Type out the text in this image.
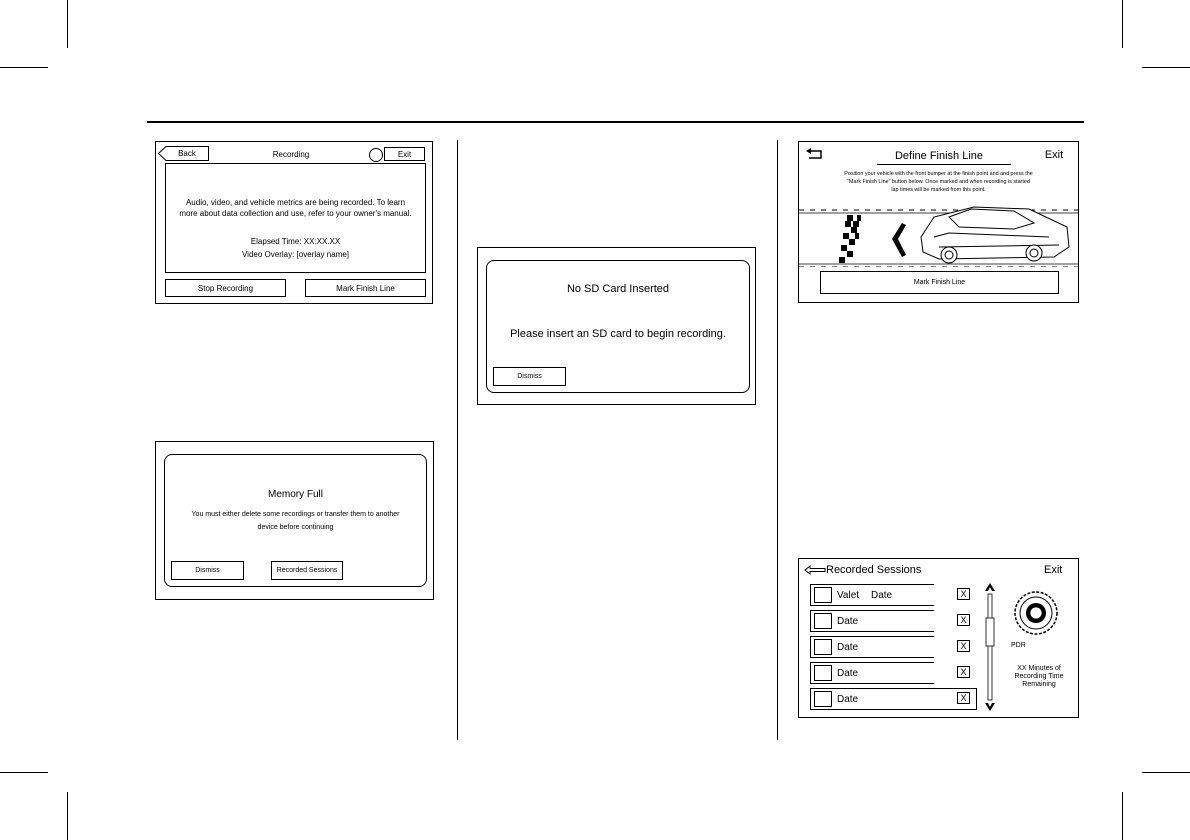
Back	Recording	Exit
Audio, video, and vehicle metrics are being recorded. To learn
more about data collection and use, refer to your owner's manual.
Elapsed Time: XX:XX.XX
Video Overlay: [overlay name]
Stop Recording	Mark Finish Line
Memory Full
You must either delete some recordings or transfer them to another
device before continuing
Dismiss	Recorded Sessions
No SD Card Inserted
Please insert an SD card to begin recording.
Dismiss
Define Finish Line	Exit
Position your vehicle with the front bumper at the finish point and and press the
"Mark Finish Line" button below. Once marked and when recording is started
lap times will be marked from this point.
Mark Finish Line
Recorded Sessions	Exit
Valet Date	X
Date	X
Date	X
Date	X
Date	X
PDR
XX Minutes of
Recording Time
Remaining
